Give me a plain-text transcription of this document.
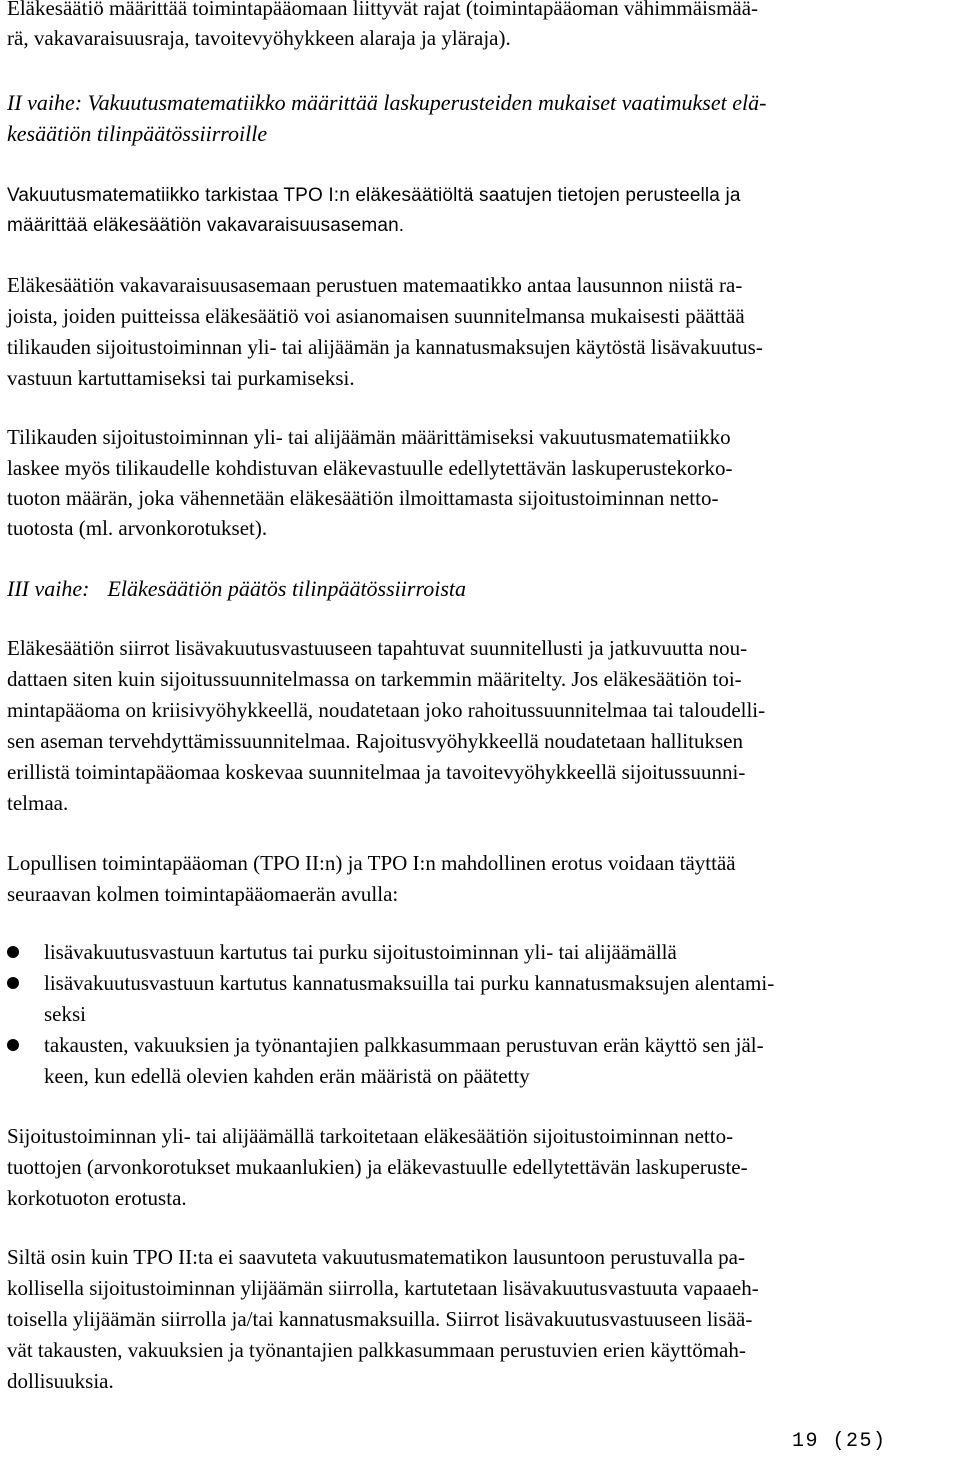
Eläkesäätiö määrittää toimintapääomaan liittyvät rajat (toimintapääoman vähimmäismää-
rä, vakavaraisuusraja, tavoitevyöhykkeen alaraja ja yläraja).
II vaihe: Vakuutusmatematiikko määrittää laskuperusteiden mukaiset vaatimukset elä-
kesäätiön tilinpäätössiirroille
Vakuutusmatematiikko tarkistaa TPO I:n eläkesäätiöltä saatujen tietojen perusteella ja
määrittää eläkesäätiön vakavaraisuusaseman.
Eläkesäätiön vakavaraisuusasemaan perustuen matemaatikko antaa lausunnon niistä ra-
joista, joiden puitteissa eläkesäätiö voi asianomaisen suunnitelmansa mukaisesti päättää
tilikauden sijoitustoiminnan yli- tai alijäämän ja kannatusmaksujen käytöstä lisävakuutus-
vastuun kartuttamiseksi tai purkamiseksi.
Tilikauden sijoitustoiminnan yli- tai alijäämän määrittämiseksi vakuutusmatematiikko
laskee myös tilikaudelle kohdistuvan eläkevastuulle edellytettävän laskuperustekorko-
tuoton määrän, joka vähennetään eläkesäätiön ilmoittamasta sijoitustoiminnan netto-
tuotosta (ml. arvonkorotukset).
III vaihe: Eläkesäätiön päätös tilinpäätössiirroista
Eläkesäätiön siirrot lisävakuutusvastuuseen tapahtuvat suunnitellusti ja jatkuvuutta nou-
dattaen siten kuin sijoitussuunnitelmassa on tarkemmin määritelty. Jos eläkesäätiön toi-
mintapääoma on kriisivyöhykkeellä, noudatetaan joko rahoitussuunnitelmaa tai taloudelli-
sen aseman tervehdyttämissuunnitelmaa. Rajoitusvyöhykkeellä noudatetaan hallituksen
erillistä toimintapääomaa koskevaa suunnitelmaa ja tavoitevyöhykkeellä sijoitussuunni-
telmaa.
Lopullisen toimintapääoman (TPO II:n) ja TPO I:n mahdollinen erotus voidaan täyttää
seuraavan kolmen toimintapääomaerän avulla:
lisävakuutusvastuun kartutus tai purku sijoitustoiminnan yli- tai alijäämällä
lisävakuutusvastuun kartutus kannatusmaksuilla tai purku kannatusmaksujen alentami-
seksi
takausten, vakuuksien ja työnantajien palkkasummaan perustuvan erän käyttö sen jäl-
keen, kun edellä olevien kahden erän määristä on päätetty
Sijoitustoiminnan yli- tai alijäämällä tarkoitetaan eläkesäätiön sijoitustoiminnan netto-
tuottojen (arvonkorotukset mukaanlukien) ja eläkevastuulle edellytettävän laskuperuste-
korkotuoton erotusta.
Siltä osin kuin TPO II:ta ei saavuteta vakuutusmatematikon lausuntoon perustuvalla pa-
kollisella sijoitustoiminnan ylijäämän siirrolla, kartutetaan lisävakuutusvastuuta vapaaeh-
toisella ylijäämän siirrolla ja/tai kannatusmaksuilla. Siirrot lisävakuutusvastuuseen lisää-
vät takausten, vakuuksien ja työnantajien palkkasummaan perustuvien erien käyttömah-
dollisuuksia.
19 (25)
